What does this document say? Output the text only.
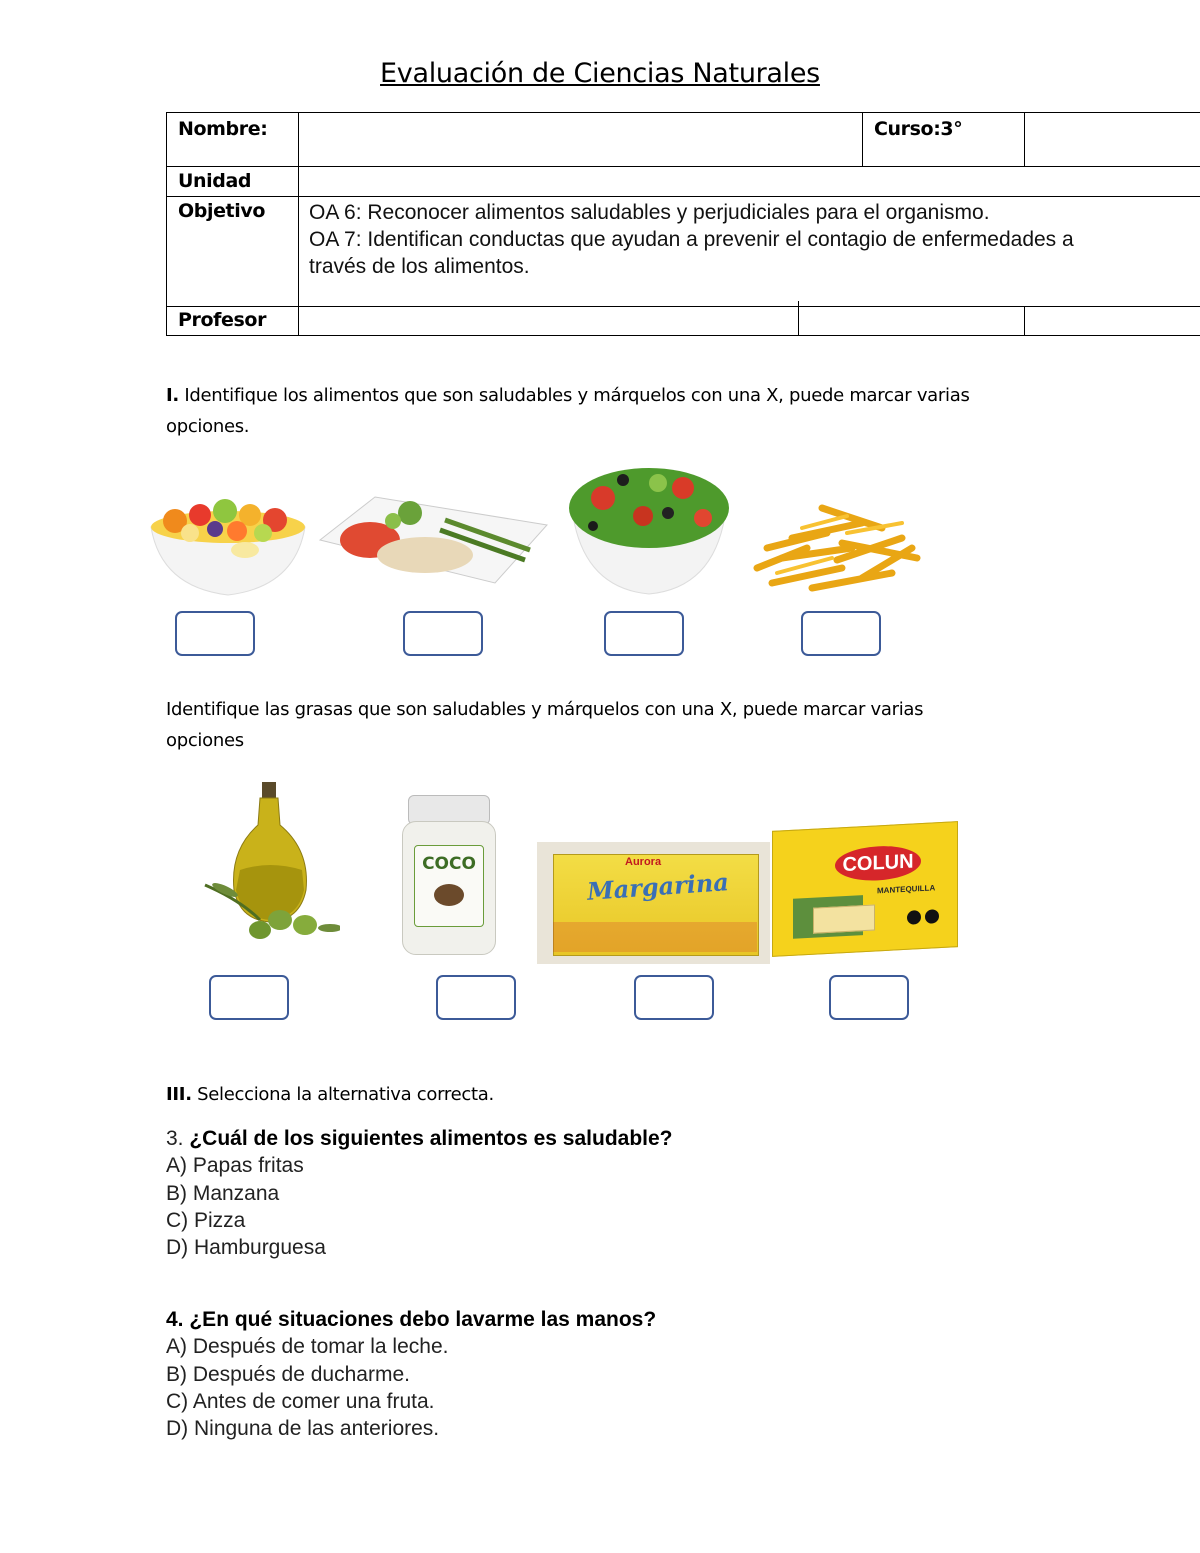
Evaluación de Ciencias Naturales
Nombre:		Curso:3°	
Unidad			
Objetivo	OA 6: Reconocer alimentos saludables y perjudiciales para el organismo.
OA 7: Identifican conductas que ayudan a prevenir el contagio de enfermedades a
través de los alimentos.		

Profesor			
I. Identifique los alimentos que son saludables y márquelos con una X, puede marcar varias
opciones.
Identifique las grasas que son saludables y márquelos con una X, puede marcar varias
opciones
COCO	Aurora
Margarina
COLUN
MANTEQUILLA
III. Selecciona la alternativa correcta.
3. ¿Cuál de los siguientes alimentos es saludable?
A) Papas fritas
B) Manzana
C) Pizza
D) Hamburguesa
4. ¿En qué situaciones debo lavarme las manos?
A) Después de tomar la leche.
B) Después de ducharme.
C) Antes de comer una fruta.
D) Ninguna de las anteriores.
